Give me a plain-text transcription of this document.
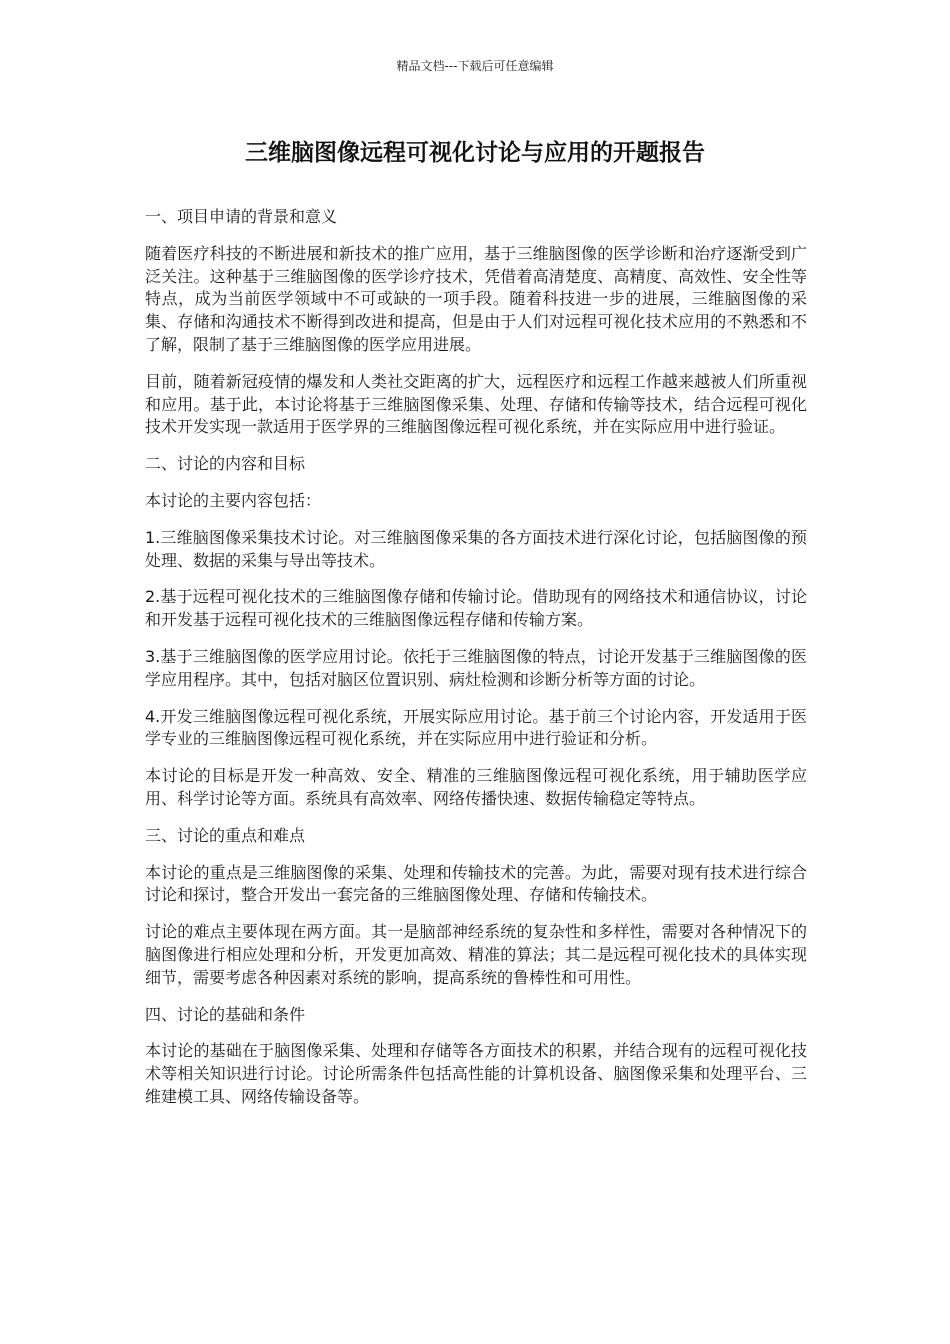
精品文档---下载后可任意编辑
三维脑图像远程可视化讨论与应用的开题报告

一、项目申请的背景和意义

随着医疗科技的不断进展和新技术的推广应用，基于三维脑图像的医学诊断和治疗逐渐受到广泛关注。这种基于三维脑图像的医学诊疗技术，凭借着高清楚度、高精度、高效性、安全性等特点，成为当前医学领域中不可或缺的一项手段。随着科技进一步的进展，三维脑图像的采集、存储和沟通技术不断得到改进和提高，但是由于人们对远程可视化技术应用的不熟悉和不了解，限制了基于三维脑图像的医学应用进展。

目前，随着新冠疫情的爆发和人类社交距离的扩大，远程医疗和远程工作越来越被人们所重视和应用。基于此，本讨论将基于三维脑图像采集、处理、存储和传输等技术，结合远程可视化技术开发实现一款适用于医学界的三维脑图像远程可视化系统，并在实际应用中进行验证。

二、讨论的内容和目标

本讨论的主要内容包括：

1.三维脑图像采集技术讨论。对三维脑图像采集的各方面技术进行深化讨论，包括脑图像的预处理、数据的采集与导出等技术。

2.基于远程可视化技术的三维脑图像存储和传输讨论。借助现有的网络技术和通信协议，讨论和开发基于远程可视化技术的三维脑图像远程存储和传输方案。

3.基于三维脑图像的医学应用讨论。依托于三维脑图像的特点，讨论开发基于三维脑图像的医学应用程序。其中，包括对脑区位置识别、病灶检测和诊断分析等方面的讨论。

4.开发三维脑图像远程可视化系统，开展实际应用讨论。基于前三个讨论内容，开发适用于医学专业的三维脑图像远程可视化系统，并在实际应用中进行验证和分析。

本讨论的目标是开发一种高效、安全、精准的三维脑图像远程可视化系统，用于辅助医学应用、科学讨论等方面。系统具有高效率、网络传播快速、数据传输稳定等特点。

三、讨论的重点和难点

本讨论的重点是三维脑图像的采集、处理和传输技术的完善。为此，需要对现有技术进行综合讨论和探讨，整合开发出一套完备的三维脑图像处理、存储和传输技术。

讨论的难点主要体现在两方面。其一是脑部神经系统的复杂性和多样性，需要对各种情况下的脑图像进行相应处理和分析，开发更加高效、精准的算法；其二是远程可视化技术的具体实现细节，需要考虑各种因素对系统的影响，提高系统的鲁棒性和可用性。

四、讨论的基础和条件

本讨论的基础在于脑图像采集、处理和存储等各方面技术的积累，并结合现有的远程可视化技术等相关知识进行讨论。讨论所需条件包括高性能的计算机设备、脑图像采集和处理平台、三维建模工具、网络传输设备等。
